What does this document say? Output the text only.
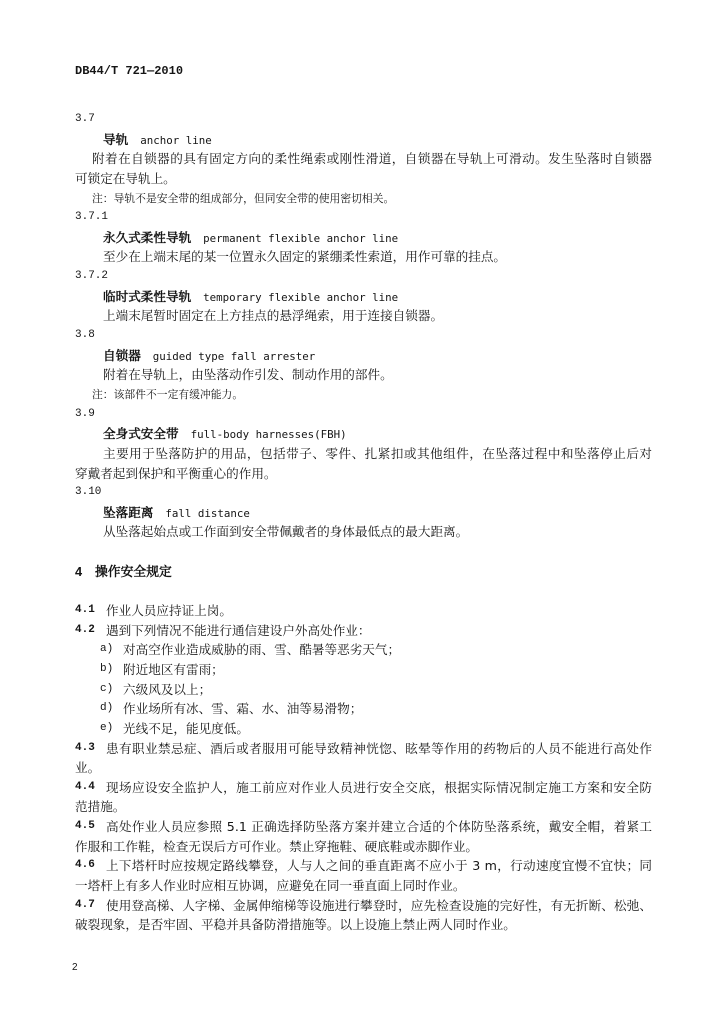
DB44/T 721—2010
3.7
导轨 anchor line
附着在自锁器的具有固定方向的柔性绳索或刚性滑道，自锁器在导轨上可滑动。发生坠落时自锁器
可锁定在导轨上。
注：导轨不是安全带的组成部分，但同安全带的使用密切相关。
3.7.1
永久式柔性导轨 permanent flexible anchor line
至少在上端末尾的某一位置永久固定的紧绷柔性索道，用作可靠的挂点。
3.7.2
临时式柔性导轨 temporary flexible anchor line
上端末尾暂时固定在上方挂点的悬浮绳索，用于连接自锁器。
3.8
自锁器 guided type fall arrester
附着在导轨上，由坠落动作引发、制动作用的部件。
注：该部件不一定有缓冲能力。
3.9
全身式安全带 full-body harnesses(FBH)
主要用于坠落防护的用品，包括带子、零件、扎紧扣或其他组件，在坠落过程中和坠落停止后对
穿戴者起到保护和平衡重心的作用。
3.10
坠落距离 fall distance
从坠落起始点或工作面到安全带佩戴者的身体最低点的最大距离。
4 操作安全规定
4.1 作业人员应持证上岗。
4.2 遇到下列情况不能进行通信建设户外高处作业：
a) 对高空作业造成威胁的雨、雪、酷暑等恶劣天气；
b) 附近地区有雷雨；
c) 六级风及以上；
d) 作业场所有冰、雪、霜、水、油等易滑物；
e) 光线不足，能见度低。
4.3 患有职业禁忌症、酒后或者服用可能导致精神恍惚、眩晕等作用的药物后的人员不能进行高处作
业。
4.4 现场应设安全监护人，施工前应对作业人员进行安全交底，根据实际情况制定施工方案和安全防
范措施。
4.5 高处作业人员应参照 5.1 正确选择防坠落方案并建立合适的个体防坠落系统，戴安全帽，着紧工
作服和工作鞋，检查无误后方可作业。禁止穿拖鞋、硬底鞋或赤脚作业。
4.6 上下塔杆时应按规定路线攀登，人与人之间的垂直距离不应小于 3 m，行动速度宜慢不宜快；同
一塔杆上有多人作业时应相互协调，应避免在同一垂直面上同时作业。
4.7 使用登高梯、人字梯、金属伸缩梯等设施进行攀登时，应先检查设施的完好性，有无折断、松弛、
破裂现象，是否牢固、平稳并具备防滑措施等。以上设施上禁止两人同时作业。
2
